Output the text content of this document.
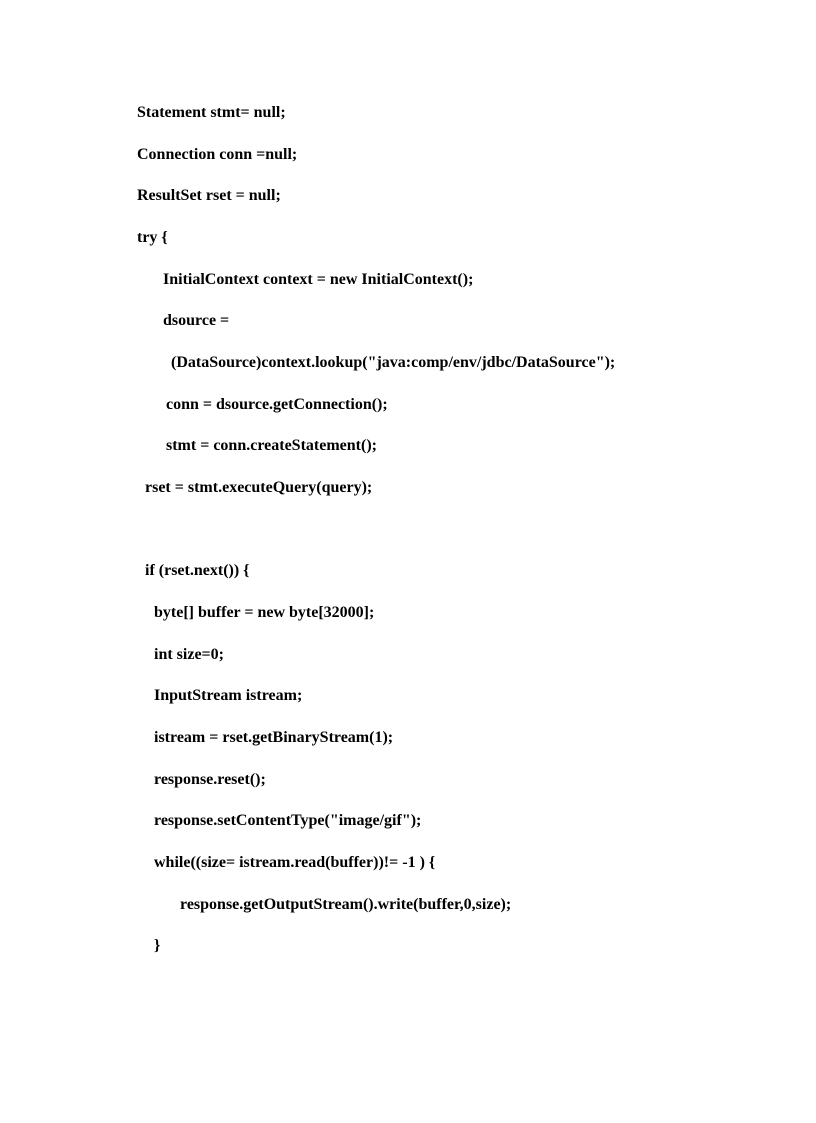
Statement stmt= null;
Connection conn =null;
ResultSet rset = null;
try {
InitialContext context = new InitialContext();
dsource =
(DataSource)context.lookup("java:comp/env/jdbc/DataSource");
conn = dsource.getConnection();
stmt = conn.createStatement();
rset = stmt.executeQuery(query);
if (rset.next()) {
byte[] buffer = new byte[32000];
int size=0;
InputStream istream;
istream = rset.getBinaryStream(1);
response.reset();
response.setContentType("image/gif");
while((size= istream.read(buffer))!= -1 ) {
response.getOutputStream().write(buffer,0,size);
}
